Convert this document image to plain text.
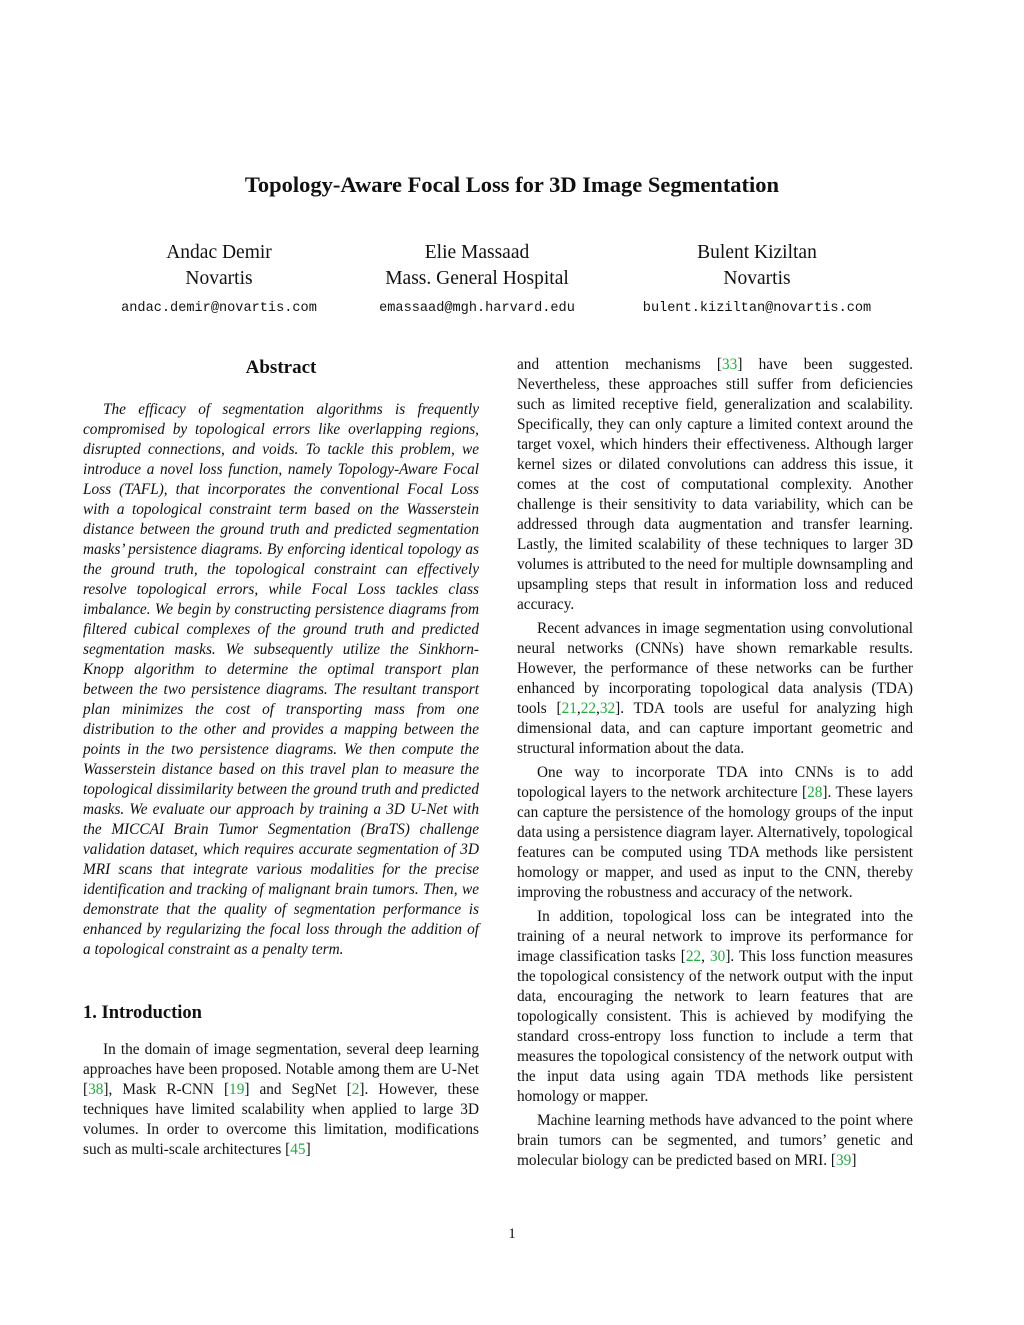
Topology-Aware Focal Loss for 3D Image Segmentation
Andac Demir
Novartis
andac.demir@novartis.com
Elie Massaad
Mass. General Hospital
emassaad@mgh.harvard.edu
Bulent Kiziltan
Novartis
bulent.kiziltan@novartis.com
Abstract

The efficacy of segmentation algorithms is frequently compromised by topological errors like overlapping regions, disrupted connections, and voids. To tackle this problem, we introduce a novel loss function, namely Topology-Aware Focal Loss (TAFL), that incorporates the conventional Focal Loss with a topological constraint term based on the Wasserstein distance between the ground truth and predicted segmentation masks’ persistence diagrams. By enforcing identical topology as the ground truth, the topological constraint can effectively resolve topological errors, while Focal Loss tackles class imbalance. We begin by constructing persistence diagrams from filtered cubical complexes of the ground truth and predicted segmentation masks. We subsequently utilize the Sinkhorn-Knopp algorithm to determine the optimal transport plan between the two persistence diagrams. The resultant transport plan minimizes the cost of transporting mass from one distribution to the other and provides a mapping between the points in the two persistence diagrams. We then compute the Wasserstein distance based on this travel plan to measure the topological dissimilarity between the ground truth and predicted masks. We evaluate our approach by training a 3D U-Net with the MICCAI Brain Tumor Segmentation (BraTS) challenge validation dataset, which requires accurate segmentation of 3D MRI scans that integrate various modalities for the precise identification and tracking of malignant brain tumors. Then, we demonstrate that the quality of segmentation performance is enhanced by regularizing the focal loss through the addition of a topological constraint as a penalty term.

1. Introduction

In the domain of image segmentation, several deep learning approaches have been proposed. Notable among them are U-Net [38], Mask R-CNN [19] and SegNet [2]. However, these techniques have limited scalability when applied to large 3D volumes. In order to overcome this limitation, modifications such as multi-scale architectures [45]

and attention mechanisms [33] have been suggested. Nevertheless, these approaches still suffer from deficiencies such as limited receptive field, generalization and scalability. Specifically, they can only capture a limited context around the target voxel, which hinders their effectiveness. Although larger kernel sizes or dilated convolutions can address this issue, it comes at the cost of computational complexity. Another challenge is their sensitivity to data variability, which can be addressed through data augmentation and transfer learning. Lastly, the limited scalability of these techniques to larger 3D volumes is attributed to the need for multiple downsampling and upsampling steps that result in information loss and reduced accuracy.

Recent advances in image segmentation using convolutional neural networks (CNNs) have shown remarkable results. However, the performance of these networks can be further enhanced by incorporating topological data analysis (TDA) tools [21,22,32]. TDA tools are useful for analyzing high dimensional data, and can capture important geometric and structural information about the data.

One way to incorporate TDA into CNNs is to add topological layers to the network architecture [28]. These layers can capture the persistence of the homology groups of the input data using a persistence diagram layer. Alternatively, topological features can be computed using TDA methods like persistent homology or mapper, and used as input to the CNN, thereby improving the robustness and accuracy of the network.

In addition, topological loss can be integrated into the training of a neural network to improve its performance for image classification tasks [22, 30]. This loss function measures the topological consistency of the network output with the input data, encouraging the network to learn features that are topologically consistent. This is achieved by modifying the standard cross-entropy loss function to include a term that measures the topological consistency of the network output with the input data using again TDA methods like persistent homology or mapper.

Machine learning methods have advanced to the point where brain tumors can be segmented, and tumors’ genetic and molecular biology can be predicted based on MRI. [39]

1
